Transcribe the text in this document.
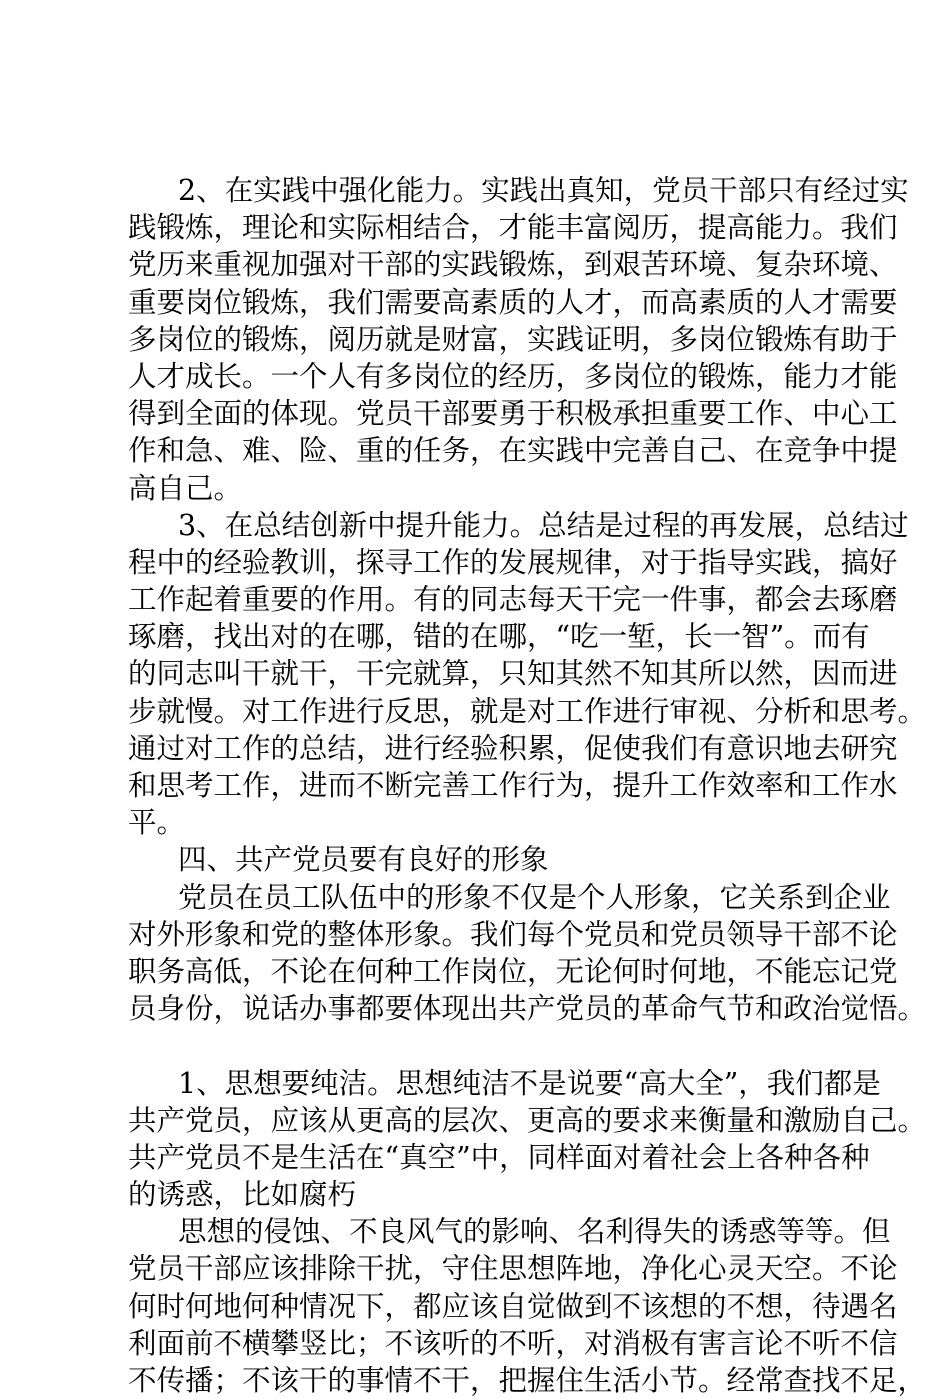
2、在实践中强化能力。实践出真知，党员干部只有经过实
践锻炼，理论和实际相结合，才能丰富阅历，提高能力。我们
党历来重视加强对干部的实践锻炼，到艰苦环境、复杂环境、
重要岗位锻炼，我们需要高素质的人才，而高素质的人才需要
多岗位的锻炼，阅历就是财富，实践证明，多岗位锻炼有助于
人才成长。一个人有多岗位的经历，多岗位的锻炼，能力才能
得到全面的体现。党员干部要勇于积极承担重要工作、中心工
作和急、难、险、重的任务，在实践中完善自己、在竞争中提
高自己。
3、在总结创新中提升能力。总结是过程的再发展，总结过
程中的经验教训，探寻工作的发展规律，对于指导实践，搞好
工作起着重要的作用。有的同志每天干完一件事，都会去琢磨
琢磨，找出对的在哪，错的在哪，“吃一堑，长一智”。而有
的同志叫干就干，干完就算，只知其然不知其所以然，因而进
步就慢。对工作进行反思，就是对工作进行审视、分析和思考。
通过对工作的总结，进行经验积累，促使我们有意识地去研究
和思考工作，进而不断完善工作行为，提升工作效率和工作水
平。
四、共产党员要有良好的形象
党员在员工队伍中的形象不仅是个人形象，它关系到企业
对外形象和党的整体形象。我们每个党员和党员领导干部不论
职务高低，不论在何种工作岗位，无论何时何地，不能忘记党
员身份，说话办事都要体现出共产党员的革命气节和政治觉悟。
1、思想要纯洁。思想纯洁不是说要“高大全”，我们都是
共产党员，应该从更高的层次、更高的要求来衡量和激励自己。
共产党员不是生活在“真空”中，同样面对着社会上各种各种
的诱惑，比如腐朽
思想的侵蚀、不良风气的影响、名利得失的诱惑等等。但
党员干部应该排除干扰，守住思想阵地，净化心灵天空。不论
何时何地何种情况下，都应该自觉做到不该想的不想，待遇名
利面前不横攀竖比；不该听的不听，对消极有害言论不听不信
不传播；不该干的事情不干，把握住生活小节。经常查找不足，
